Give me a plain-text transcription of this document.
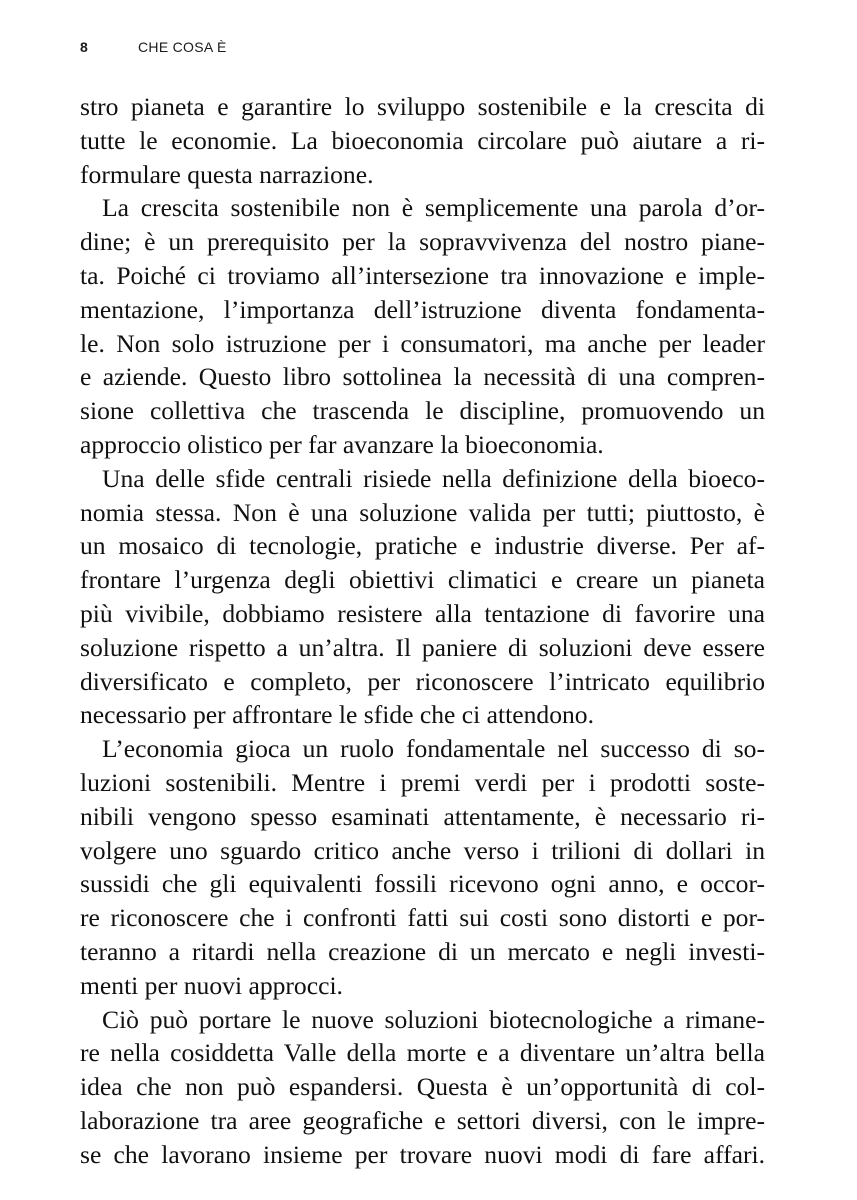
8	CHE COSA È
stro pianeta e garantire lo sviluppo sostenibile e la crescita di
tutte le economie. La bioeconomia circolare può aiutare a ri-
formulare questa narrazione.
La crescita sostenibile non è semplicemente una parola d’or-
dine; è un prerequisito per la sopravvivenza del nostro piane-
ta. Poiché ci troviamo all’intersezione tra innovazione e imple-
mentazione, l’importanza dell’istruzione diventa fondamenta-
le. Non solo istruzione per i consumatori, ma anche per leader
e aziende. Questo libro sottolinea la necessità di una compren-
sione collettiva che trascenda le discipline, promuovendo un
approccio olistico per far avanzare la bioeconomia.
Una delle sfide centrali risiede nella definizione della bioeco-
nomia stessa. Non è una soluzione valida per tutti; piuttosto, è
un mosaico di tecnologie, pratiche e industrie diverse. Per af-
frontare l’urgenza degli obiettivi climatici e creare un pianeta
più vivibile, dobbiamo resistere alla tentazione di favorire una
soluzione rispetto a un’altra. Il paniere di soluzioni deve essere
diversificato e completo, per riconoscere l’intricato equilibrio
necessario per affrontare le sfide che ci attendono.
L’economia gioca un ruolo fondamentale nel successo di so-
luzioni sostenibili. Mentre i premi verdi per i prodotti soste-
nibili vengono spesso esaminati attentamente, è necessario ri-
volgere uno sguardo critico anche verso i trilioni di dollari in
sussidi che gli equivalenti fossili ricevono ogni anno, e occor-
re riconoscere che i confronti fatti sui costi sono distorti e por-
teranno a ritardi nella creazione di un mercato e negli investi-
menti per nuovi approcci.
Ciò può portare le nuove soluzioni biotecnologiche a rimane-
re nella cosiddetta Valle della morte e a diventare un’altra bella
idea che non può espandersi. Questa è un’opportunità di col-
laborazione tra aree geografiche e settori diversi, con le impre-
se che lavorano insieme per trovare nuovi modi di fare affari.
